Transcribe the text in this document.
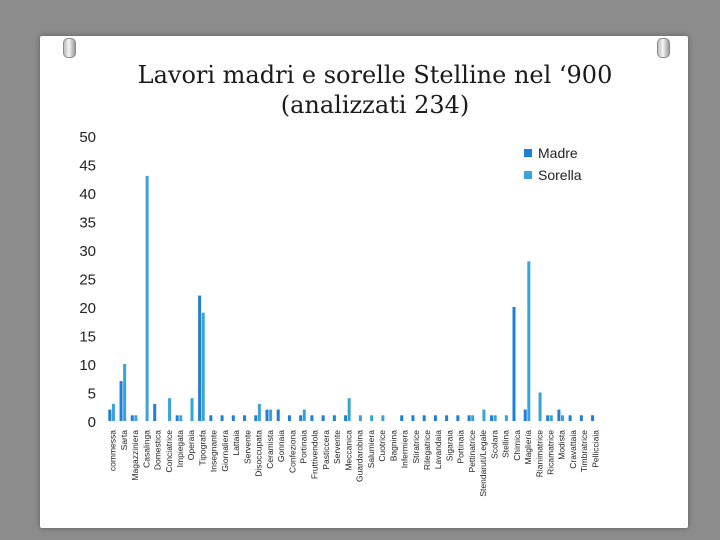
Lavori madri e sorelle Stelline nel ‘900
(analizzati 234)
0
5
10
15
20
25
30
35
40
45
50
commessa Sarta Magazziniera Casalinga Domestica Conciatrice Impiegata Operaia Tipografa Insegnante Giornaliera Lattaia Servente Disoccupata Ceramista Gonnaia Confeziona Portinaia Fruttivendola Pasticcera Servente Meccanica Guardarobina Salumiera Cuotrice Bagnina Infermiera Stiratrice Rilegatrice Lavandaia Sigaraia Portinaia Pettinatrice Stendaruti/Legale Scolara Stellina Chimica Maglieria Rianimatrice Ricamatrice Modista Cravattaia Timbratrice Pellicciaia
Madre
Sorella
